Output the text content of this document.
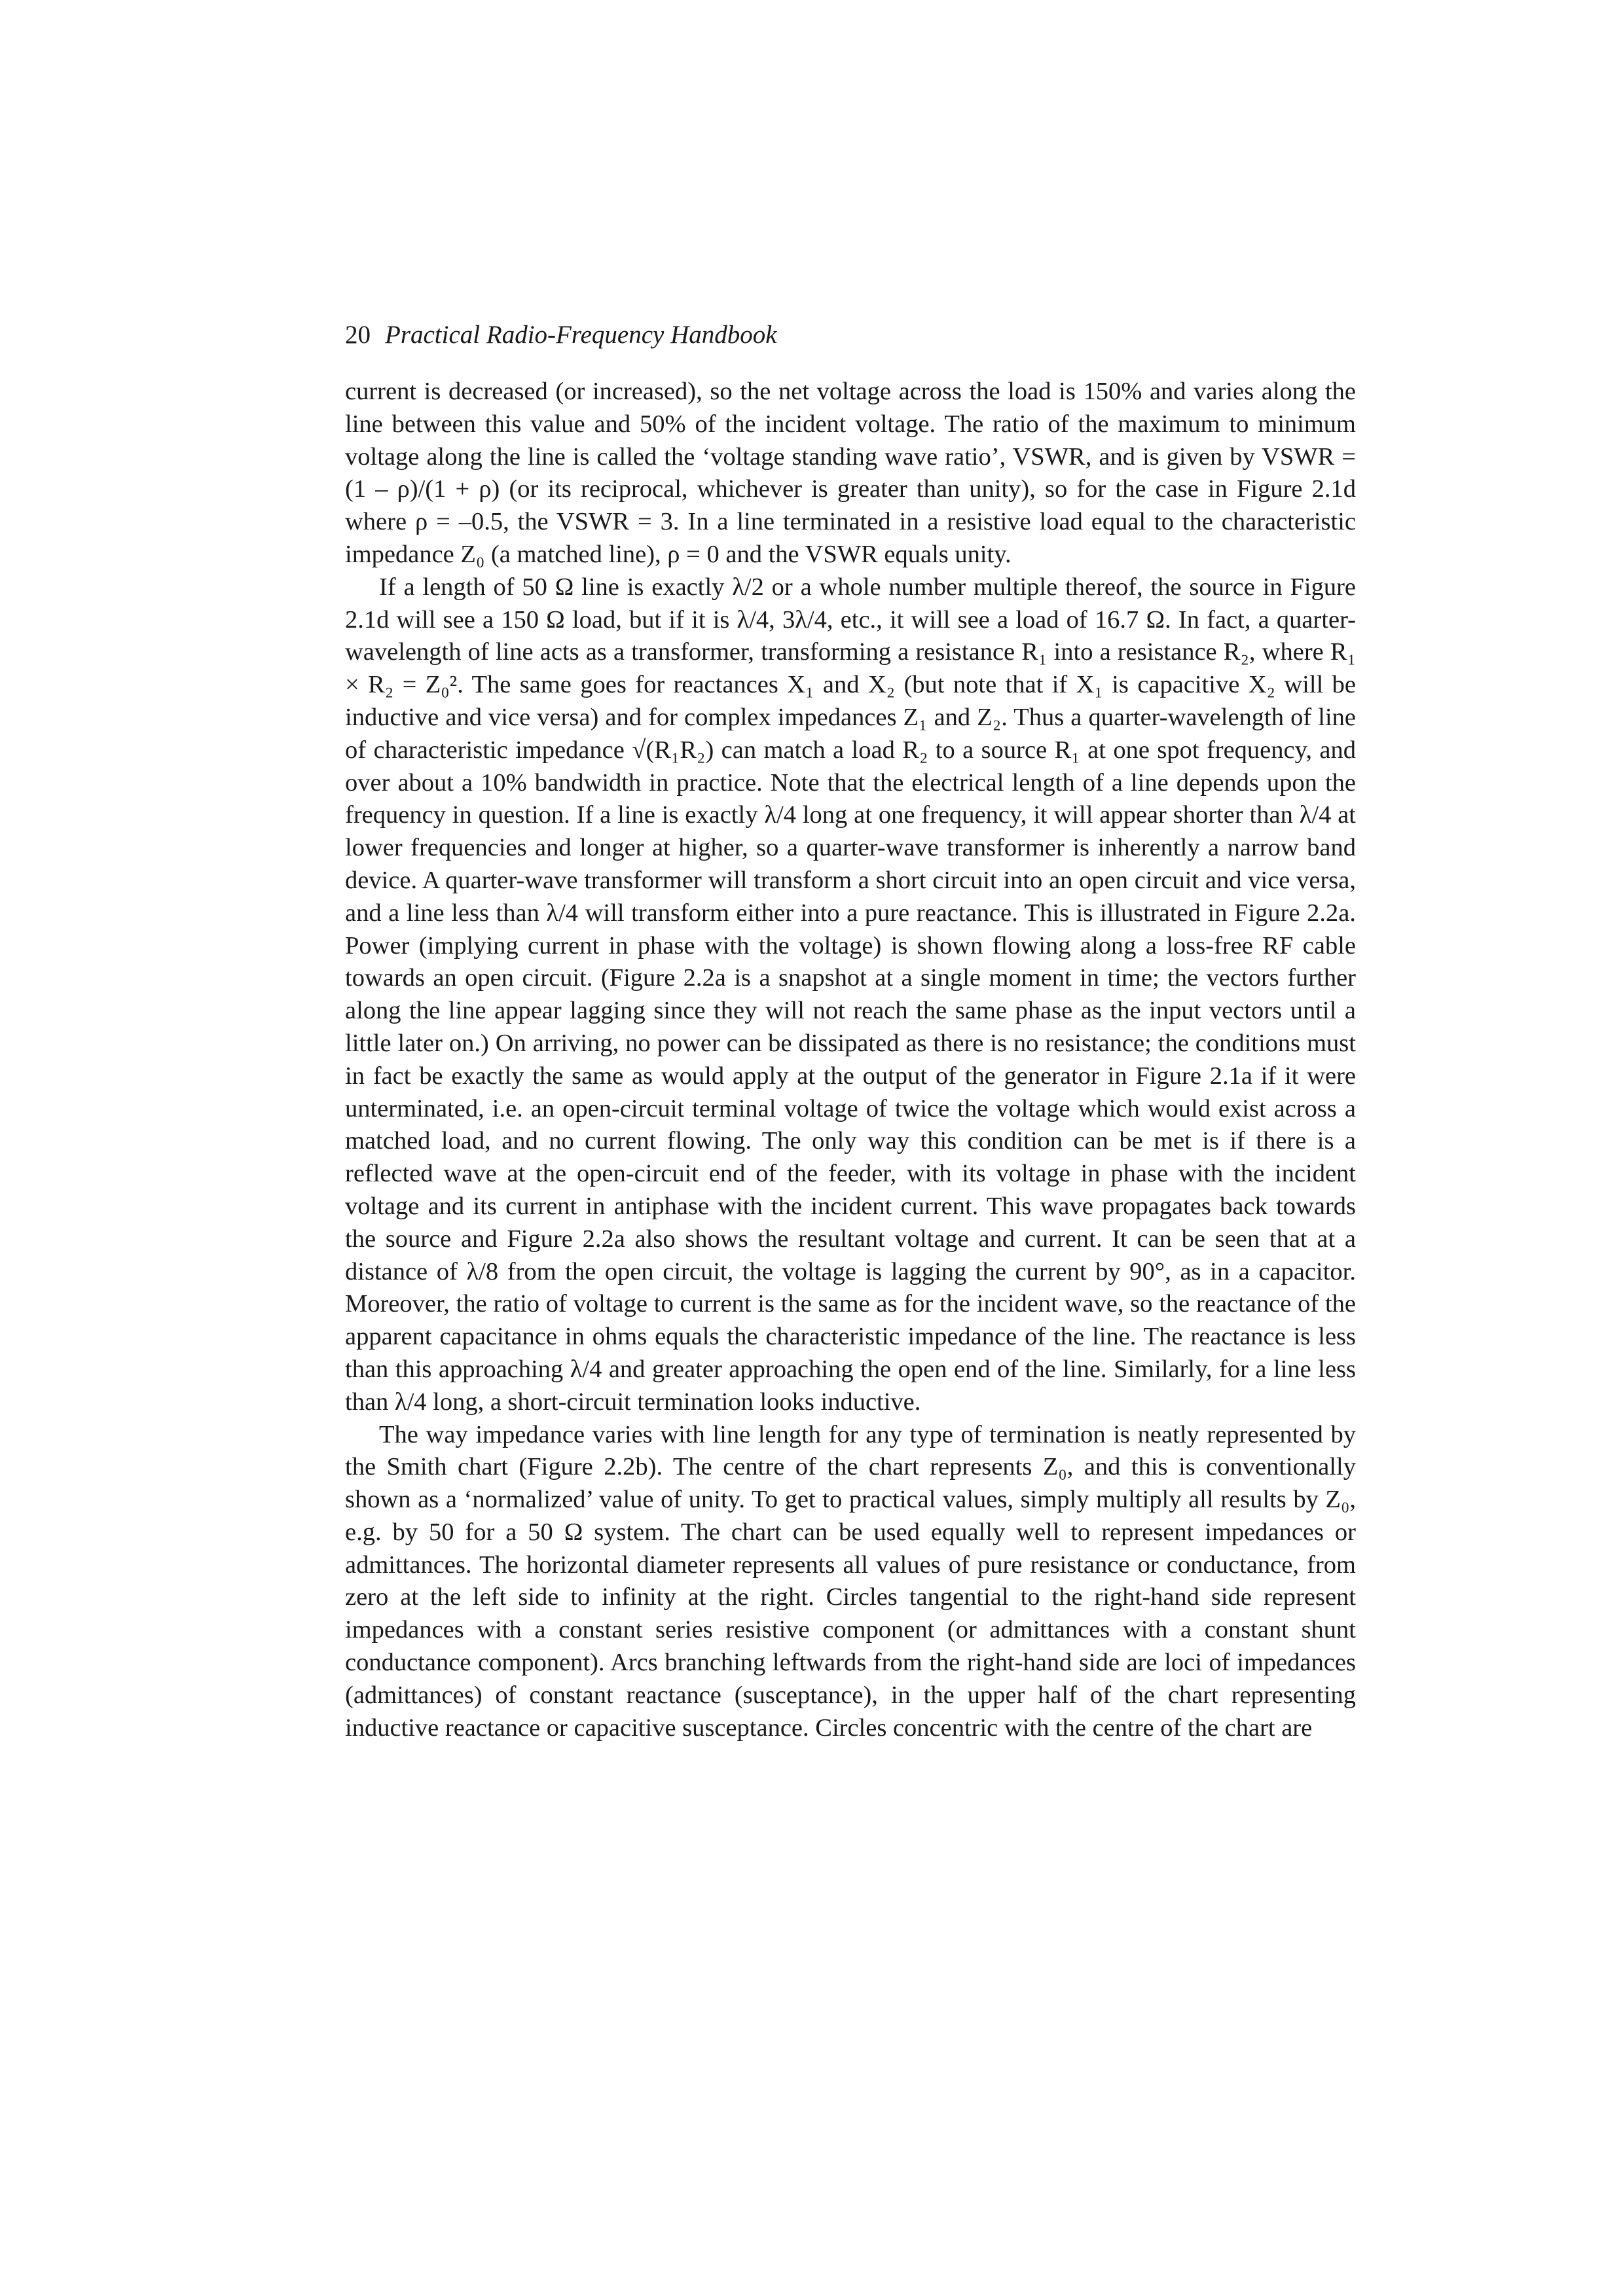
20 Practical Radio-Frequency Handbook

current is decreased (or increased), so the net voltage across the load is 150% and varies along the line between this value and 50% of the incident voltage. The ratio of the maximum to minimum voltage along the line is called the ‘voltage standing wave ratio’, VSWR, and is given by VSWR = (1 – ρ)/(1 + ρ) (or its reciprocal, whichever is greater than unity), so for the case in Figure 2.1d where ρ = –0.5, the VSWR = 3. In a line terminated in a resistive load equal to the characteristic impedance Z₀ (a matched line), ρ = 0 and the VSWR equals unity.

If a length of 50 Ω line is exactly λ/2 or a whole number multiple thereof, the source in Figure 2.1d will see a 150 Ω load, but if it is λ/4, 3λ/4, etc., it will see a load of 16.7 Ω. In fact, a quarter-wavelength of line acts as a transformer, transforming a resistance R₁ into a resistance R₂, where R₁ × R₂ = Z₀². The same goes for reactances X₁ and X₂ (but note that if X₁ is capacitive X₂ will be inductive and vice versa) and for complex impedances Z₁ and Z₂. Thus a quarter-wavelength of line of characteristic impedance √(R₁R₂) can match a load R₂ to a source R₁ at one spot frequency, and over about a 10% bandwidth in practice. Note that the electrical length of a line depends upon the frequency in question. If a line is exactly λ/4 long at one frequency, it will appear shorter than λ/4 at lower frequencies and longer at higher, so a quarter-wave transformer is inherently a narrow band device. A quarter-wave transformer will transform a short circuit into an open circuit and vice versa, and a line less than λ/4 will transform either into a pure reactance. This is illustrated in Figure 2.2a. Power (implying current in phase with the voltage) is shown flowing along a loss-free RF cable towards an open circuit. (Figure 2.2a is a snapshot at a single moment in time; the vectors further along the line appear lagging since they will not reach the same phase as the input vectors until a little later on.) On arriving, no power can be dissipated as there is no resistance; the conditions must in fact be exactly the same as would apply at the output of the generator in Figure 2.1a if it were unterminated, i.e. an open-circuit terminal voltage of twice the voltage which would exist across a matched load, and no current flowing. The only way this condition can be met is if there is a reflected wave at the open-circuit end of the feeder, with its voltage in phase with the incident voltage and its current in antiphase with the incident current. This wave propagates back towards the source and Figure 2.2a also shows the resultant voltage and current. It can be seen that at a distance of λ/8 from the open circuit, the voltage is lagging the current by 90°, as in a capacitor. Moreover, the ratio of voltage to current is the same as for the incident wave, so the reactance of the apparent capacitance in ohms equals the characteristic impedance of the line. The reactance is less than this approaching λ/4 and greater approaching the open end of the line. Similarly, for a line less than λ/4 long, a short-circuit termination looks inductive.

The way impedance varies with line length for any type of termination is neatly represented by the Smith chart (Figure 2.2b). The centre of the chart represents Z₀, and this is conventionally shown as a ‘normalized’ value of unity. To get to practical values, simply multiply all results by Z₀, e.g. by 50 for a 50 Ω system. The chart can be used equally well to represent impedances or admittances. The horizontal diameter represents all values of pure resistance or conductance, from zero at the left side to infinity at the right. Circles tangential to the right-hand side represent impedances with a constant series resistive component (or admittances with a constant shunt conductance component). Arcs branching leftwards from the right-hand side are loci of impedances (admittances) of constant reactance (susceptance), in the upper half of the chart representing inductive reactance or capacitive susceptance. Circles concentric with the centre of the chart are
